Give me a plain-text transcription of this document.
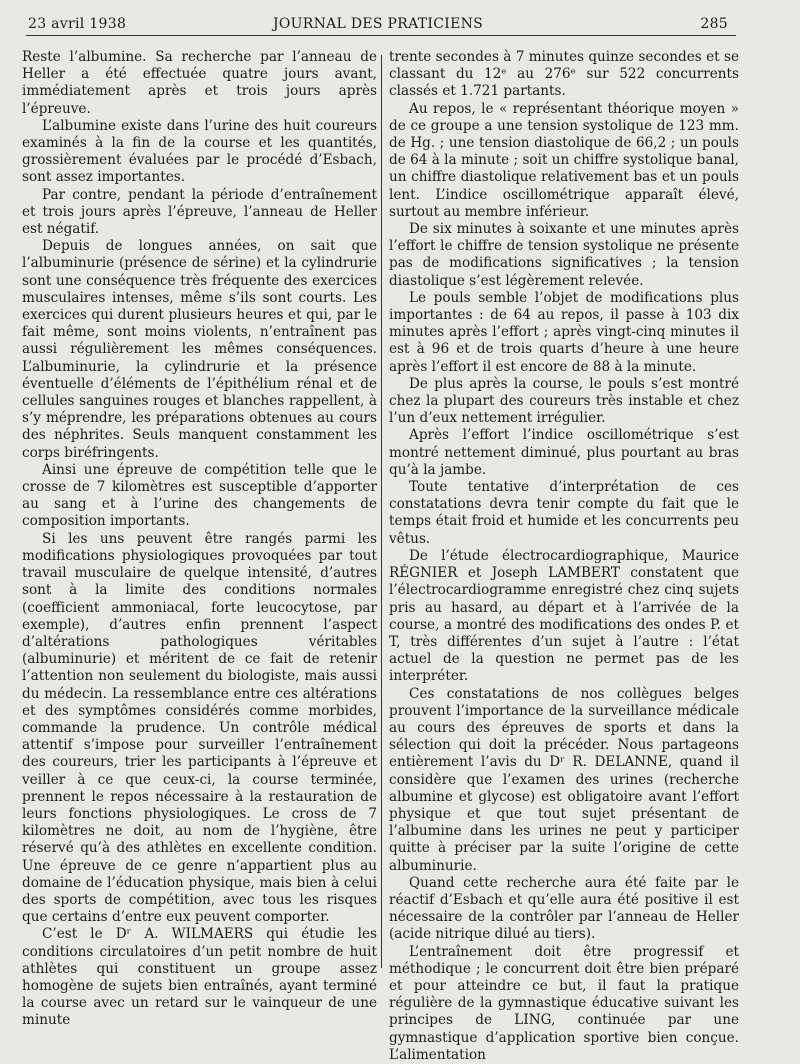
23 avril 1938	JOURNAL DES PRATICIENS	285

Reste l’albumine. Sa recherche par l’anneau de Heller a été effectuée quatre jours avant, immédiatement après et trois jours après l’épreuve.

L’albumine existe dans l’urine des huit coureurs examinés à la fin de la course et les quantités, grossièrement évaluées par le procédé d’Esbach, sont assez importantes.

Par contre, pendant la période d’entraînement et trois jours après l’épreuve, l’anneau de Heller est négatif.

Depuis de longues années, on sait que l’albuminurie (présence de sérine) et la cylindrurie sont une conséquence très fréquente des exercices musculaires intenses, même s’ils sont courts. Les exercices qui durent plusieurs heures et qui, par le fait même, sont moins violents, n’entraînent pas aussi régulièrement les mêmes conséquences. L’albuminurie, la cylindrurie et la présence éventuelle d’éléments de l’épithélium rénal et de cellules sanguines rouges et blanches rappellent, à s’y méprendre, les préparations obtenues au cours des néphrites. Seuls manquent constamment les corps biréfringents.

Ainsi une épreuve de compétition telle que le crosse de 7 kilomètres est susceptible d’apporter au sang et à l’urine des changements de composition importants.

Si les uns peuvent être rangés parmi les modifications physiologiques provoquées par tout travail musculaire de quelque intensité, d’autres sont à la limite des conditions normales (coefficient ammoniacal, forte leucocytose, par exemple), d’autres enfin prennent l’aspect d’altérations pathologiques véritables (albuminurie) et méritent de ce fait de retenir l’attention non seulement du biologiste, mais aussi du médecin. La ressemblance entre ces altérations et des symptômes considérés comme morbides, commande la prudence. Un contrôle médical attentif s’impose pour surveiller l’entraînement des coureurs, trier les participants à l’épreuve et veiller à ce que ceux-ci, la course terminée, prennent le repos nécessaire à la restauration de leurs fonctions physiologiques. Le cross de 7 kilomètres ne doit, au nom de l’hygiène, être réservé qu’à des athlètes en excellente condition. Une épreuve de ce genre n’appartient plus au domaine de l’éducation physique, mais bien à celui des sports de compétition, avec tous les risques que certains d’entre eux peuvent comporter.

C’est le Dʳ A. WILMAERS qui étudie les conditions circulatoires d’un petit nombre de huit athlètes qui constituent un groupe assez homogène de sujets bien entraînés, ayant terminé la course avec un retard sur le vainqueur de une minute

trente secondes à 7 minutes quinze secondes et se classant du 12ᵉ au 276ᵉ sur 522 concurrents classés et 1.721 partants.

Au repos, le « représentant théorique moyen » de ce groupe a une tension systolique de 123 mm. de Hg. ; une tension diastolique de 66,2 ; un pouls de 64 à la minute ; soit un chiffre systolique banal, un chiffre diastolique relativement bas et un pouls lent. L’indice oscillométrique apparaît élevé, surtout au membre inférieur.

De six minutes à soixante et une minutes après l’effort le chiffre de tension systolique ne présente pas de modifications significatives ; la tension diastolique s’est légèrement relevée.

Le pouls semble l’objet de modifications plus importantes : de 64 au repos, il passe à 103 dix minutes après l’effort ; après vingt-cinq minutes il est à 96 et de trois quarts d’heure à une heure après l’effort il est encore de 88 à la minute.

De plus après la course, le pouls s’est montré chez la plupart des coureurs très instable et chez l’un d’eux nettement irrégulier.

Après l’effort l’indice oscillométrique s’est montré nettement diminué, plus pourtant au bras qu’à la jambe.

Toute tentative d’interprétation de ces constatations devra tenir compte du fait que le temps était froid et humide et les concurrents peu vêtus.

De l’étude électrocardiographique, Maurice RÉGNIER et Joseph LAMBERT constatent que l’électrocardiogramme enregistré chez cinq sujets pris au hasard, au départ et à l’arrivée de la course, a montré des modifications des ondes P. et T, très différentes d’un sujet à l’autre : l’état actuel de la question ne permet pas de les interpréter.

Ces constatations de nos collègues belges prouvent l’importance de la surveillance médicale au cours des épreuves de sports et dans la sélection qui doit la précéder. Nous partageons entièrement l’avis du Dʳ R. DELANNE, quand il considère que l’examen des urines (recherche albumine et glycose) est obligatoire avant l’effort physique et que tout sujet présentant de l’albumine dans les urines ne peut y participer quitte à préciser par la suite l’origine de cette albuminurie.

Quand cette recherche aura été faite par le réactif d’Esbach et qu’elle aura été positive il est nécessaire de la contrôler par l’anneau de Heller (acide nitrique dilué au tiers).

L’entraînement doit être progressif et méthodique ; le concurrent doit être bien préparé et pour atteindre ce but, il faut la pratique régulière de la gymnastique éducative suivant les principes de LING, continuée par une gymnastique d’application sportive bien conçue. L’alimentation
